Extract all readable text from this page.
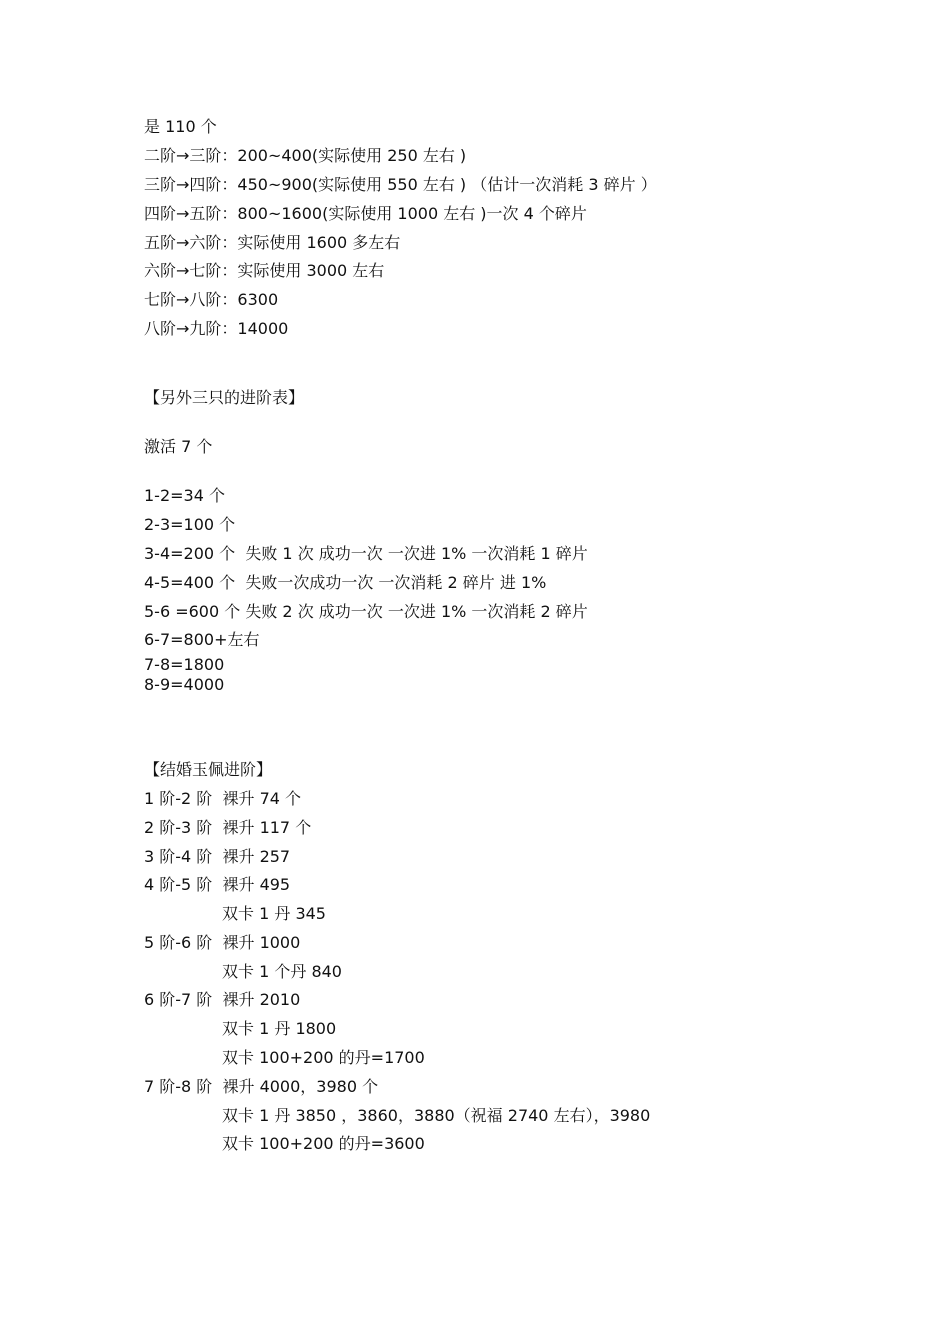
是 110 个
二阶→三阶：200~400(实际使用 250 左右 )
三阶→四阶：450~900(实际使用 550 左右 ) （估计一次消耗 3 碎片 ）
四阶→五阶：800~1600(实际使用 1000 左右 )一次 4 个碎片
五阶→六阶：实际使用 1600 多左右
六阶→七阶：实际使用 3000 左右
七阶→八阶：6300
八阶→九阶：14000
【另外三只的进阶表】
激活 7 个
1-2=34 个
2-3=100 个
3-4=200 个  失败 1 次 成功一次 一次进 1% 一次消耗 1 碎片
4-5=400 个  失败一次成功一次 一次消耗 2 碎片 进 1%
5-6 =600 个 失败 2 次 成功一次 一次进 1% 一次消耗 2 碎片
6-7=800+左右
7-8=1800
8-9=4000
【结婚玉佩进阶】
1 阶-2 阶  裸升 74 个
2 阶-3 阶  裸升 117 个
3 阶-4 阶  裸升 257
4 阶-5 阶  裸升 495
双卡 1 丹 345
5 阶-6 阶  裸升 1000
双卡 1 个丹 840
6 阶-7 阶  裸升 2010
双卡 1 丹 1800
双卡 100+200 的丹=1700
7 阶-8 阶  裸升 4000，3980 个
双卡 1 丹 3850 ，3860，3880（祝福 2740 左右），3980
双卡 100+200 的丹=3600
